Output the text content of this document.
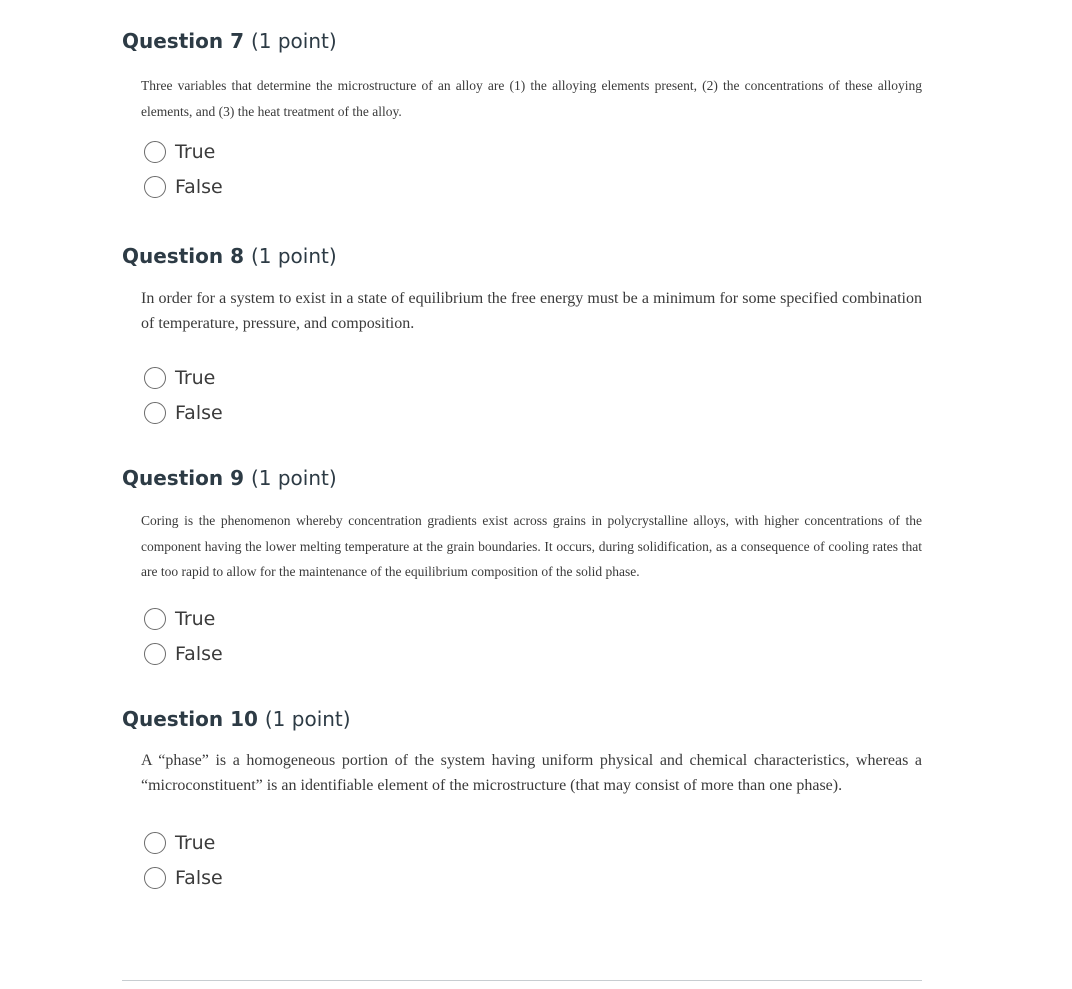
Question 7 (1 point)

Three variables that determine the microstructure of an alloy are (1) the alloying elements present, (2) the concentrations of these alloying elements, and (3) the heat treatment of the alloy.

True
False
Question 8 (1 point)

In order for a system to exist in a state of equilibrium the free energy must be a minimum for some specified combination of temperature, pressure, and composition.

True
False
Question 9 (1 point)

Coring is the phenomenon whereby concentration gradients exist across grains in polycrystalline alloys, with higher concentrations of the component having the lower melting temperature at the grain boundaries. It occurs, during solidification, as a consequence of cooling rates that are too rapid to allow for the maintenance of the equilibrium composition of the solid phase.

True
False
Question 10 (1 point)

A “phase” is a homogeneous portion of the system having uniform physical and chemical characteristics, whereas a “microconstituent” is an identifiable element of the microstructure (that may consist of more than one phase).

True
False
